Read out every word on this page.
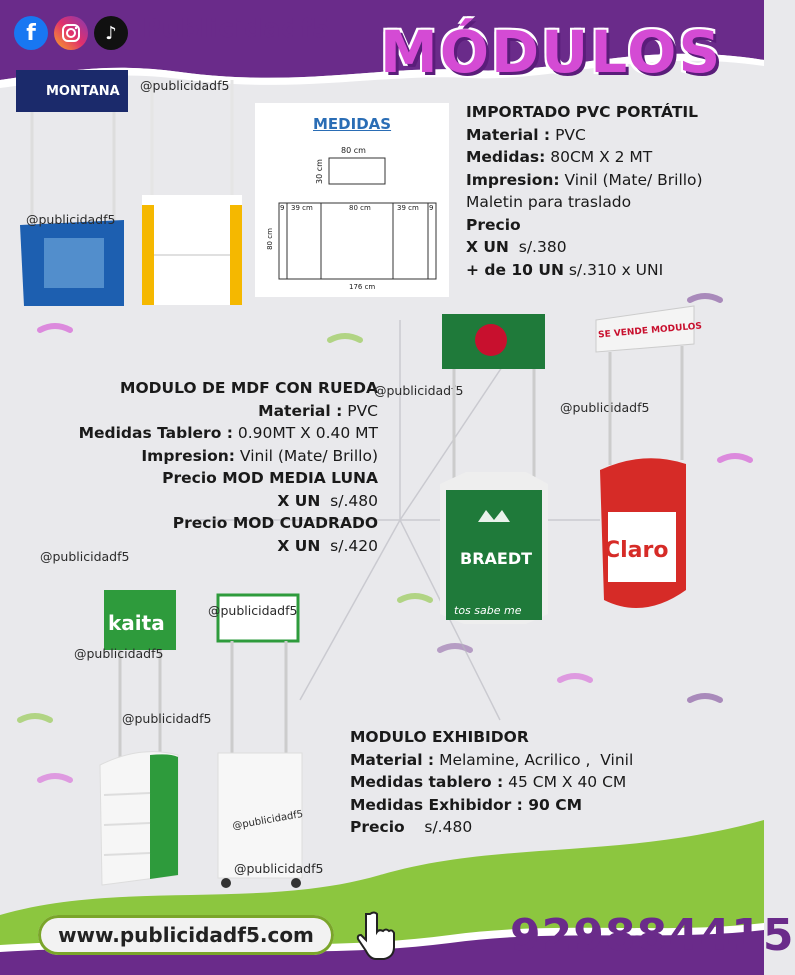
f	♪ Publicidadf5 MÓDULOS
MONTANA @publicidadf5
@publicidadf5
MEDIDAS
80 cm
30 cm
9 39 cm	80 cm	39 cm 9
80 cm
176 cm
IMPORTADO PVC PORTÁTIL
Material : PVC
Medidas: 80CM X 2 MT
Impresion: Vinil (Mate/ Brillo)
Maletin para traslado
Precio
X UN  s/.380
+ de 10 UN s/.310 x UNI
MODULO DE MDF CON RUEDA
Material : PVC
Medidas Tablero : 0.90MT X 0.40 MT
Impresion: Vinil (Mate/ Brillo)
Precio MOD MEDIA LUNA
X UN  s/.480
Precio MOD CUADRADO
X UN  s/.420
@publicidadf5
@publicidadf5
@publicidadf5	BRAEDT
tos sabe me
SE VENDE MODULOS
Claro
kaita
@publicidadf5
@publicidadf5
@publicidadf5
@publicidadf5
@publicidadf5
MODULO EXHIBIDOR
Material : Melamine, Acrilico ,  Vinil
Medidas tablero : 45 CM X 40 CM
Medidas Exhibidor : 90 CM
Precio    s/.480
www.publicidadf5.com	929884415
